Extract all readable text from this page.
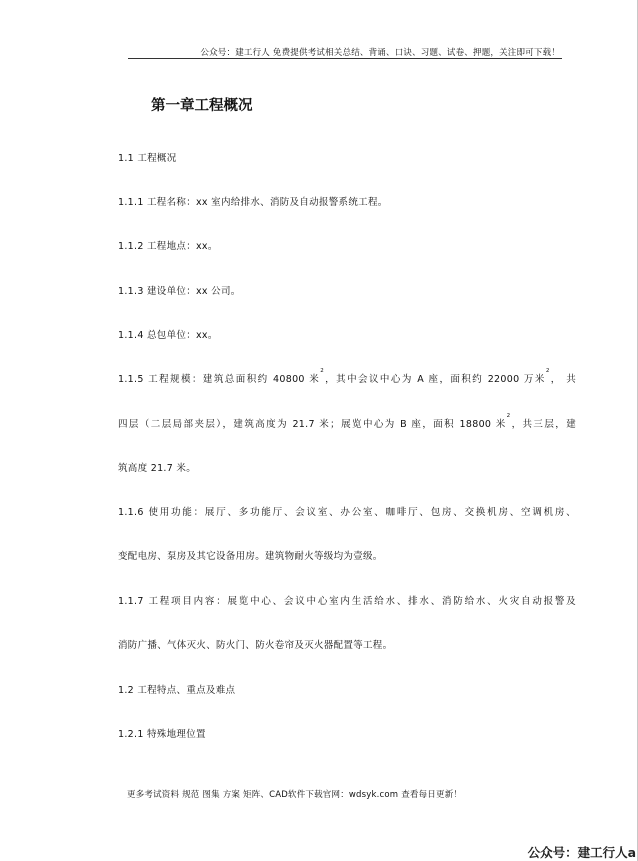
公众号：建工行人 免费提供考试相关总结、背诵、口诀、习题、试卷、押题，关注即可下载！
第一章工程概况
1.1 工程概况
1.1.1 工程名称：xx 室内给排水、消防及自动报警系统工程。
1.1.2 工程地点：xx。
1.1.3 建设单位：xx 公司。
1.1.4 总包单位：xx。
1.1.5 工程规模：建筑总面积约 40800 米$^2$，其中会议中心为 A 座，面积约 22000 万米$^2$， 共
四层（二层局部夹层），建筑高度为 21.7 米；展览中心为 B 座，面积 18800 米$^2$，共三层，建
筑高度 21.7 米。
1.1.6 使用功能：展厅、多功能厅、会议室、办公室、咖啡厅、包房、交换机房、空调机房、
变配电房、泵房及其它设备用房。建筑物耐火等级均为壹级。
1.1.7 工程项目内容：展览中心、会议中心室内生活给水、排水、消防给水、火灾自动报警及
消防广播、气体灭火、防火门、防火卷帘及灭火器配置等工程。
1.2 工程特点、重点及难点
1.2.1 特殊地理位置
更多考试资料 规范 图集 方案 矩阵、CAD软件下载官网：wdsyk.com 查看每日更新！
公众号：建工行人a
